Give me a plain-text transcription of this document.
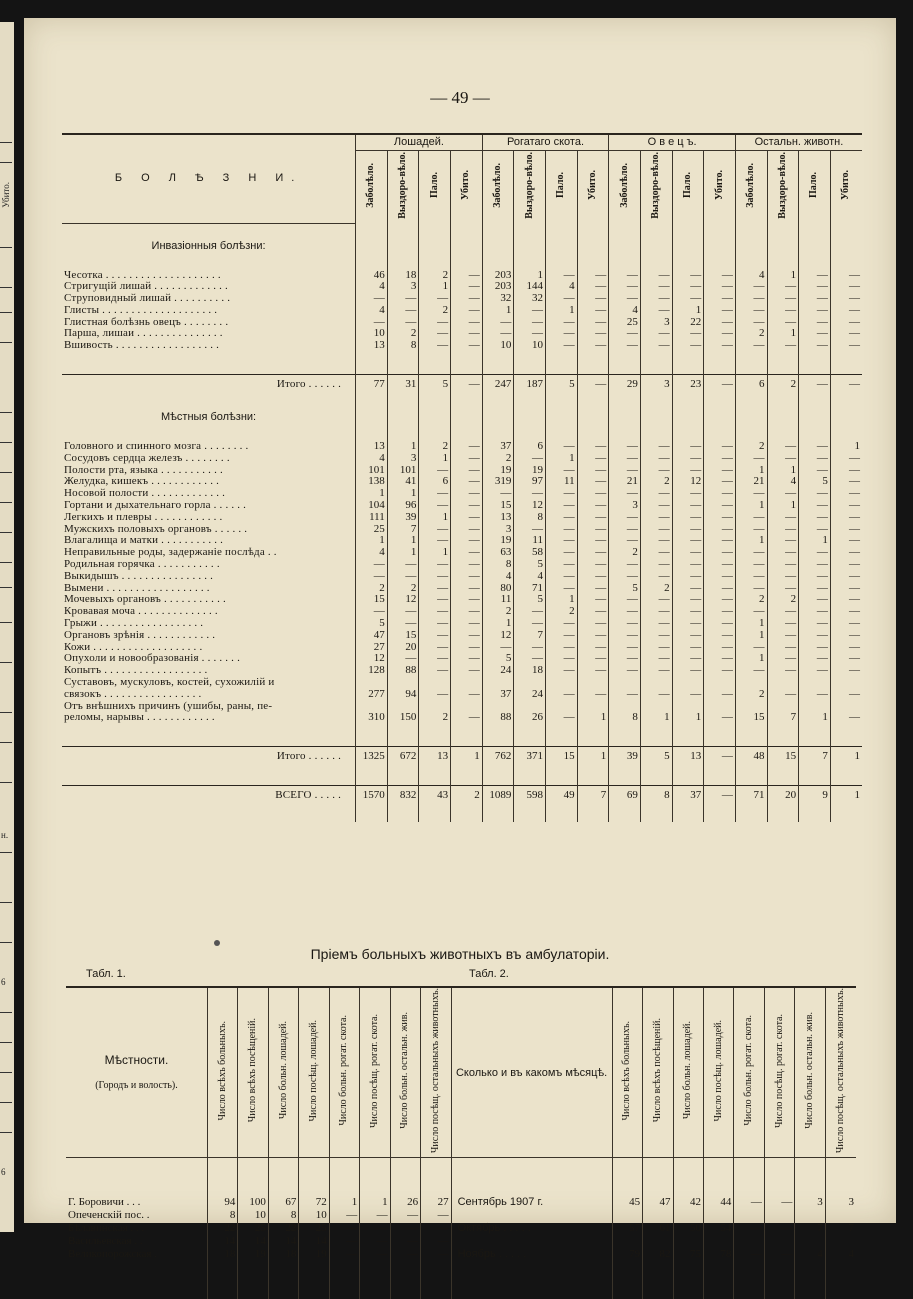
Убито.
н.
6
6
— 49 —
Б О Л Ѣ З Н И.	Лошадей.				Рогатаго скота.				О в е ц ъ.				Остальн. животн.			
	Заболѣло.	Выздоро-вѣло.	Пало.	Убито.	Заболѣло.	Выздоро-вѣло.	Пало.	Убито.	Заболѣло.	Выздоро-вѣло.	Пало.	Убито.	Заболѣло.	Выздоро-вѣло.	Пало.	Убито.

Инвазіонныя болѣзни:																

Чесотка . . . . . . . . . . . . . . . . . . . .	46	18	2	—	203	1	—	—	—	—	—	—	4	1	—	—
Стригущій лишай . . . . . . . . . . . . .	4	3	1	—	203	144	4	—	—	—	—	—	—	—	—	—
Струповидный лишай . . . . . . . . . .	—	—	—	—	32	32	—	—	—	—	—	—	—	—	—	—
Глисты . . . . . . . . . . . . . . . . . . . .	4	—	2	—	1	—	1	—	4	—	1	—	—	—	—	—
Глистная болѣзнь овецъ . . . . . . . .	—	—	—	—	—	—	—	—	25	3	22	—	—	—	—	—
Парша, лишаи . . . . . . . . . . . . . . .	10	2	—	—	—	—	—	—	—	—	—	—	2	1	—	—
Вшивость . . . . . . . . . . . . . . . . . .	13	8	—	—	10	10	—	—	—	—	—	—	—	—	—	—

Итого . . . . . .	77	31	5	—	247	187	5	—	29	3	23	—	6	2	—	—

Мѣстныя болѣзни:																

Головного и спинного мозга . . . . . . . .	13	1	2	—	37	6	—	—	—	—	—	—	2	—	—	1
Сосудовъ сердца железъ . . . . . . . .	4	3	1	—	2	—	1	—	—	—	—	—	—	—	—	—
Полости рта, языка . . . . . . . . . . .	101	101	—	—	19	19	—	—	—	—	—	—	1	1	—	—
Желудка, кишекъ . . . . . . . . . . . .	138	41	6	—	319	97	11	—	21	2	12	—	21	4	5	—
Носовой полости . . . . . . . . . . . . .	1	1	—	—	—	—	—	—	—	—	—	—	—	—	—	—
Гортани и дыхательнаго горла . . . . . .	104	96	—	—	15	12	—	—	3	—	—	—	1	1	—	—
Легкихъ и плевры . . . . . . . . . . . .	111	39	1	—	13	8	—	—	—	—	—	—	—	—	—	—
Мужскихъ половыхъ органовъ . . . . . .	25	7	—	—	3	—	—	—	—	—	—	—	—	—	—	—
Влагалища и матки . . . . . . . . . . .	1	1	—	—	19	11	—	—	—	—	—	—	1	—	1	—
Неправильные роды, задержаніе послѣда . .	4	1	1	—	63	58	—	—	2	—	—	—	—	—	—	—
Родильная горячка . . . . . . . . . . .	—	—	—	—	8	5	—	—	—	—	—	—	—	—	—	—
Выкидышъ . . . . . . . . . . . . . . . .	—	—	—	—	4	4	—	—	—	—	—	—	—	—	—	—
Вымени . . . . . . . . . . . . . . . . . .	2	2	—	—	80	71	—	—	5	2	—	—	—	—	—	—
Мочевыхъ органовъ . . . . . . . . . . .	15	12	—	—	11	5	1	—	—	—	—	—	2	2	—	—
Кровавая моча . . . . . . . . . . . . . .	—	—	—	—	2	—	2	—	—	—	—	—	—	—	—	—
Грыжи . . . . . . . . . . . . . . . . . .	5	—	—	—	1	—	—	—	—	—	—	—	1	—	—	—
Органовъ зрѣнія . . . . . . . . . . . .	47	15	—	—	12	7	—	—	—	—	—	—	1	—	—	—
Кожи . . . . . . . . . . . . . . . . . . .	27	20	—	—	—	—	—	—	—	—	—	—	—	—	—	—
Опухоли и новообразованія . . . . . . .	12	—	—	—	5	—	—	—	—	—	—	—	1	—	—	—
Копытъ . . . . . . . . . . . . . . . . . .	128	88	—	—	24	18	—	—	—	—	—	—	—	—	—	—
Суставовъ, мускуловъ, костей, сухожилій и																
связокъ . . . . . . . . . . . . . . . . .	277	94	—	—	37	24	—	—	—	—	—	—	2	—	—	—
Отъ внѣшнихъ причинъ (ушибы, раны, пе-																
реломы, нарывы . . . . . . . . . . . .	310	150	2	—	88	26	—	1	8	1	1	—	15	7	1	—

Итого . . . . . .	1325	672	13	1	762	371	15	1	39	5	13	—	48	15	7	1

ВСЕГО . . . . .	1570	832	43	2	1089	598	49	7	69	8	37	—	71	20	9	1

Пріемъ больныхъ животныхъ въ амбулаторіи.
Табл. 1.	Табл. 2.
Мѣстности.
(Городъ и волость).	Число всѣхъ больныхъ.	Число всѣхъ посѣщеній.	Число больн. лошадей.	Число посѣщ. лошадей.	Число больн. рогат. скота.	Число посѣщ. рогат. скота.	Число больн. остальн. жив.	Число посѣщ. остальныхъ животныхъ.	Сколько и въ какомъ мѣсяцѣ.	Число всѣхъ больныхъ.	Число всѣхъ посѣщеній.	Число больн. лошадей.	Число посѣщ. лошадей.	Число больн. рогат. скота.	Число посѣщ. рогат. скота.	Число больн. остальн. жив.	Число посѣщ. остальныхъ животныхъ.

Г. Боровичи . . .	94	100	67	72	1	1	26	27	Сентябрь 1907 г.	45	47	42	44	—	—	3	3
Опеченскій пос. .	8	10	8	10	—	—	—	—									
Бѣлавинская . . .	22	25	22	25	—	—	—	—	Октябрь . . . . .	57	61	50	54	—	—	7	7
Васильевская . .	14	14	14	14	—	—	—	—									
Великопорожская .	18	19	18	19	—	—	—	—	Ноябрь . . . . .	79	82	75	78	—	—	4	4
